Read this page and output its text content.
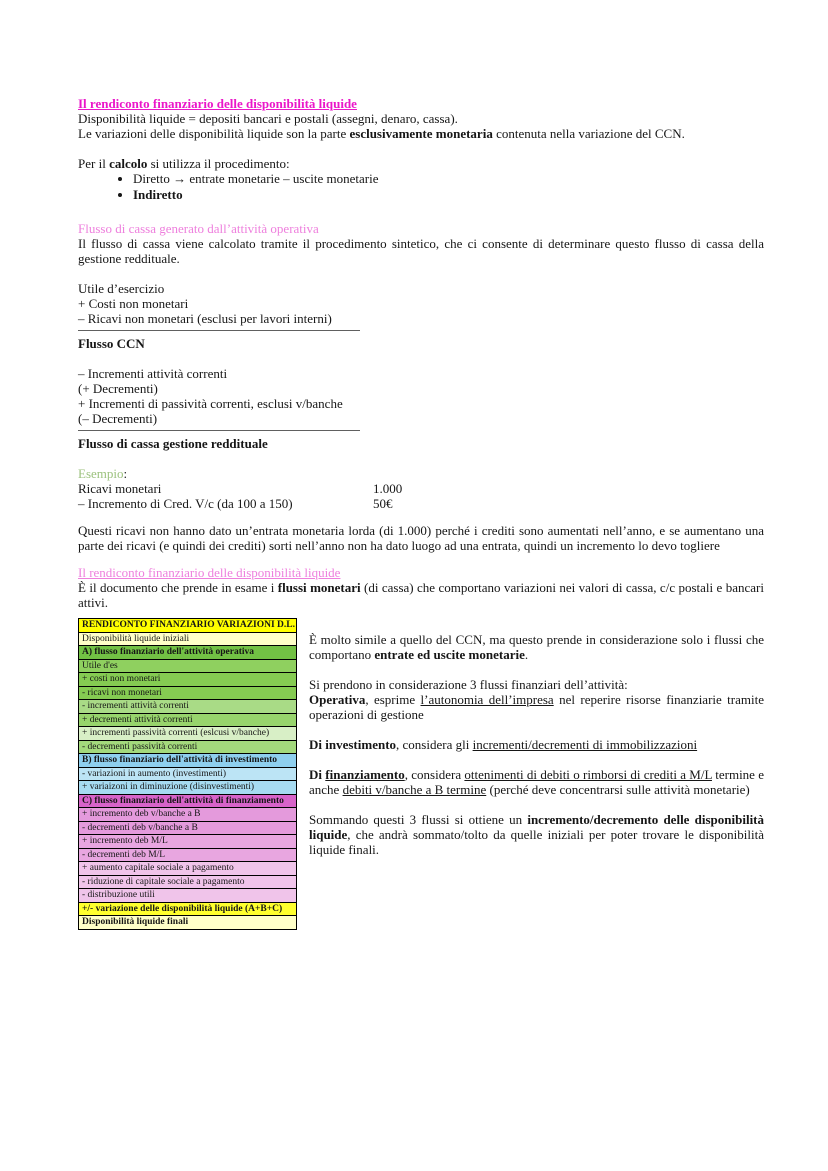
Il rendiconto finanziario delle disponibilità liquide

Disponibilità liquide = depositi bancari e postali (assegni, denaro, cassa).

Le variazioni delle disponibilità liquide son la parte esclusivamente monetaria contenuta nella variazione del CCN.

Per il calcolo si utilizza il procedimento:

• Diretto → entrate monetarie – uscite monetarie
• Indiretto
Flusso di cassa generato dall’attività operativa

Il flusso di cassa viene calcolato tramite il procedimento sintetico, che ci consente di determinare questo flusso di cassa della gestione reddituale.

Utile d’esercizio
+ Costi non monetari
– Ricavi non monetari (esclusi per lavori interni)
Flusso CCN
– Incrementi attività correnti
(+ Decrementi)
+ Incrementi di passività correnti, esclusi v/banche
(– Decrementi)
Flusso di cassa gestione reddituale
Esempio:
Ricavi monetari	1.000
– Incremento di Cred. V/c (da 100 a 150)	50€

Questi ricavi non hanno dato un’entrata monetaria lorda (di 1.000) perché i crediti sono aumentati nell’anno, e se aumentano una parte dei ricavi (e quindi dei crediti) sorti nell’anno non ha dato luogo ad una entrata, quindi un incremento lo devo togliere

Il rendiconto finanziario delle disponibilità liquide

È il documento che prende in esame i flussi monetari (di cassa) che comportano variazioni nei valori di cassa, c/c postali e bancari attivi.

RENDICONTO FINANZIARIO VARIAZIONI D.L.
Disponibilità liquide iniziali
A) flusso finanziario dell'attività operativa
Utile d'es
+ costi non monetari
- ricavi non monetari
- incrementi attività correnti
+ decrementi attività correnti
+ incrementi passività correnti (eslcusi v/banche)
- decrementi passività correnti
B) flusso finanziario dell'attività di investimento
- variazioni in aumento (investimenti)
+ variaizoni in diminuzione (disinvestimenti)
C) flusso finanziario dell'attività di finanziamento
+ incremento deb v/banche a B
- decrementi deb v/banche a B
+ incremento deb M/L
- decrementi deb M/L
+ aumento capitale sociale a pagamento
- riduzione di capitale sociale a pagamento
- distribuzione utili
+/- variazione delle disponibilità liquide (A+B+C)
Disponibilità liquide finali

È molto simile a quello del CCN, ma questo prende in considerazione solo i flussi che comportano entrate ed uscite monetarie.

Si prendono in considerazione 3 flussi finanziari dell’attività:

Operativa, esprime l’autonomia dell’impresa nel reperire risorse finanziarie tramite operazioni di gestione

Di investimento, considera gli incrementi/decrementi di immobilizzazioni

Di finanziamento, considera ottenimenti di debiti o rimborsi di crediti a M/L termine e anche debiti v/banche a B termine (perché deve concentrarsi sulle attività monetarie)

Sommando questi 3 flussi si ottiene un incremento/decremento delle disponibilità liquide, che andrà sommato/tolto da quelle iniziali per poter trovare le disponibilità liquide finali.
